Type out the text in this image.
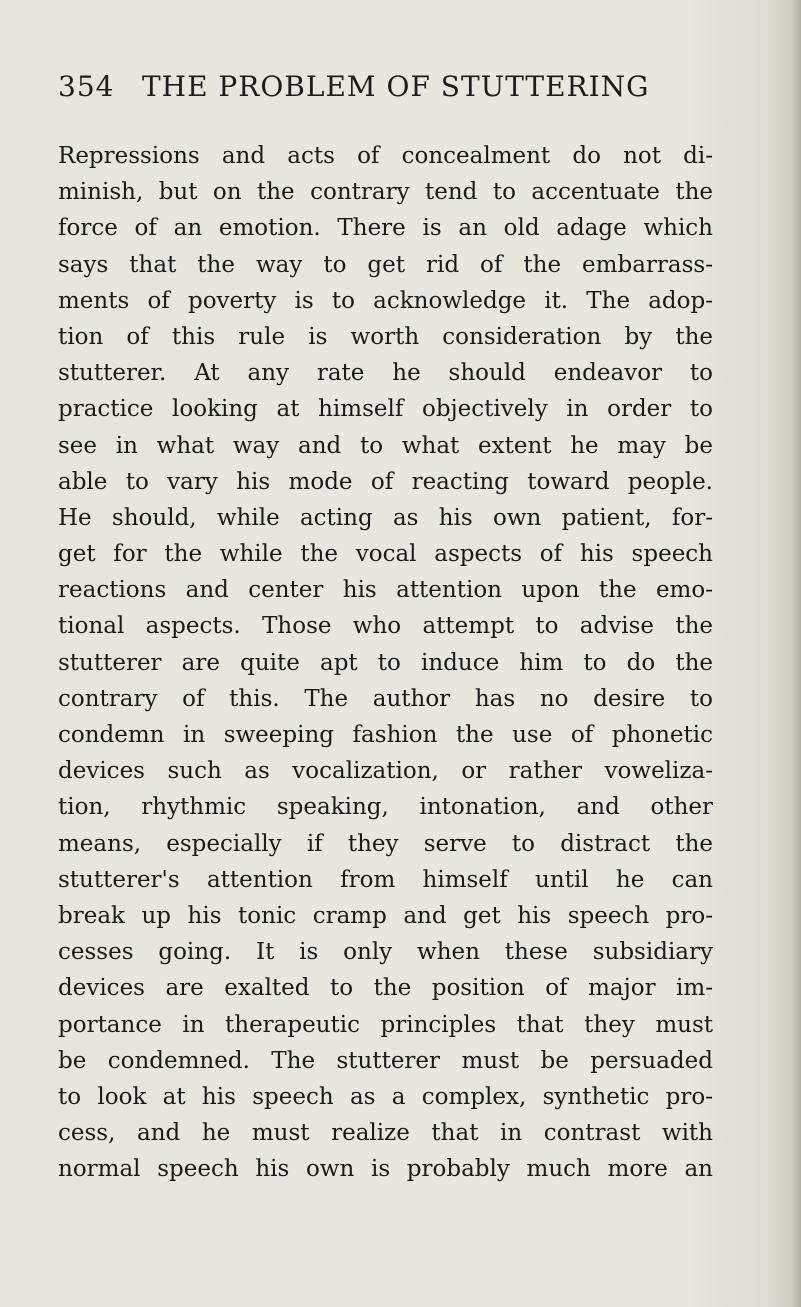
354 THE PROBLEM OF STUTTERING
Repressions and acts of concealment do not di-
minish, but on the contrary tend to accentuate the
force of an emotion. There is an old adage which
says that the way to get rid of the embarrass-
ments of poverty is to acknowledge it. The adop-
tion of this rule is worth consideration by the
stutterer. At any rate he should endeavor to
practice looking at himself objectively in order to
see in what way and to what extent he may be
able to vary his mode of reacting toward people.
He should, while acting as his own patient, for-
get for the while the vocal aspects of his speech
reactions and center his attention upon the emo-
tional aspects. Those who attempt to advise the
stutterer are quite apt to induce him to do the
contrary of this. The author has no desire to
condemn in sweeping fashion the use of phonetic
devices such as vocalization, or rather voweliza-
tion, rhythmic speaking, intonation, and other
means, especially if they serve to distract the
stutterer's attention from himself until he can
break up his tonic cramp and get his speech pro-
cesses going. It is only when these subsidiary
devices are exalted to the position of major im-
portance in therapeutic principles that they must
be condemned. The stutterer must be persuaded
to look at his speech as a complex, synthetic pro-
cess, and he must realize that in contrast with
normal speech his own is probably much more an
